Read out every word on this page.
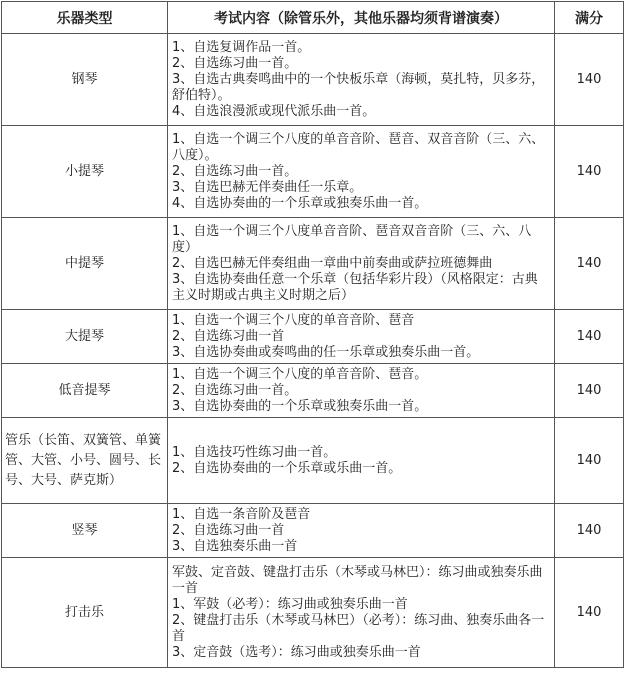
乐器类型	考试内容（除管乐外，其他乐器均须背谱演奏）	满分
钢琴	1、自选复调作品一首。
2、自选练习曲一首。
3、自选古典奏鸣曲中的一个快板乐章（海顿，莫扎特，贝多芬，舒伯特）。
4、自选浪漫派或现代派乐曲一首。	140
小提琴	1、自选一个调三个八度的单音音阶、琶音、双音音阶（三、六、八度）。
2、自选练习曲一首。
3、自选巴赫无伴奏曲任一乐章。
4、自选协奏曲的一个乐章或独奏乐曲一首。	140
中提琴	1、自选一个调三个八度单音音阶、琶音双音音阶（三、六、八度）
2、自选巴赫无伴奏组曲一章曲中前奏曲或萨拉班德舞曲
3、自选协奏曲任意一个乐章（包括华彩片段）（风格限定：古典主义时期或古典主义时期之后）	140
大提琴	1、自选一个调三个八度的单音音阶、琶音
2、自选练习曲一首
3、自选协奏曲或奏鸣曲的任一乐章或独奏乐曲一首。	140
低音提琴	1、自选一个调三个八度的单音音阶、琶音。
2、自选练习曲一首。
3、自选协奏曲的一个乐章或独奏乐曲一首。	140
管乐（长笛、双簧管、单簧管、大管、小号、圆号、长号、大号、萨克斯）	1、自选技巧性练习曲一首。
2、自选协奏曲的一个乐章或乐曲一首。	140
竖琴	1、自选一条音阶及琶音
2、自选练习曲一首
3、自选独奏乐曲一首	140
打击乐	军鼓、定音鼓、键盘打击乐（木琴或马林巴）：练习曲或独奏乐曲一首
1、军鼓（必考）：练习曲或独奏乐曲一首
2、键盘打击乐（木琴或马林巴）（必考）：练习曲、独奏乐曲各一首
3、定音鼓（选考）：练习曲或独奏乐曲一首	140
